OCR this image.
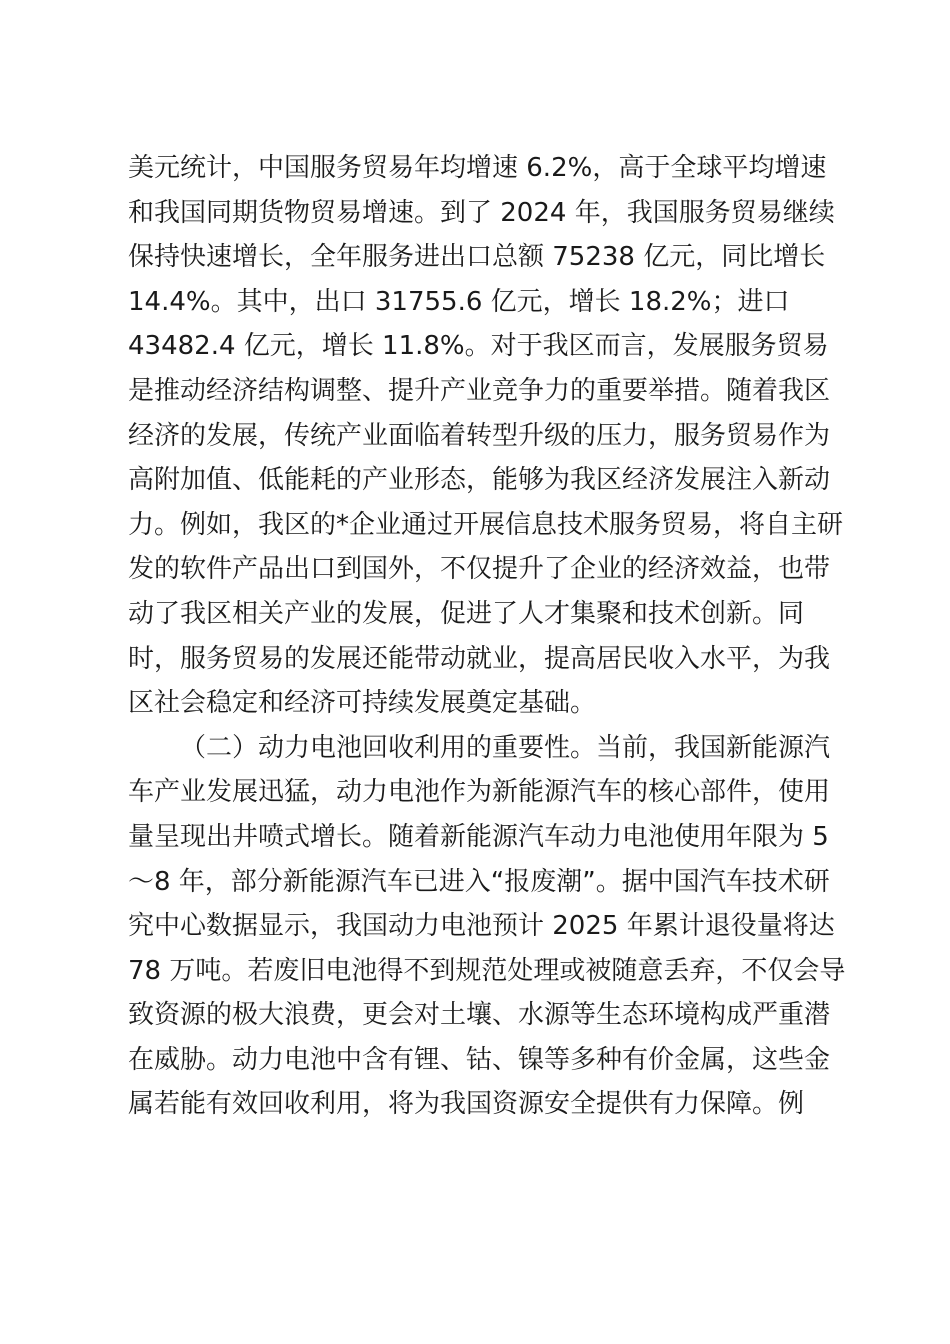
美元统计，中国服务贸易年均增速 6.2%，高于全球平均增速
和我国同期货物贸易增速。到了 2024 年，我国服务贸易继续
保持快速增长，全年服务进出口总额 75238 亿元，同比增长
14.4%。其中，出口 31755.6 亿元，增长 18.2%；进口
43482.4 亿元，增长 11.8%。对于我区而言，发展服务贸易
是推动经济结构调整、提升产业竞争力的重要举措。随着我区
经济的发展，传统产业面临着转型升级的压力，服务贸易作为
高附加值、低能耗的产业形态，能够为我区经济发展注入新动
力。例如，我区的*企业通过开展信息技术服务贸易，将自主研
发的软件产品出口到国外，不仅提升了企业的经济效益，也带
动了我区相关产业的发展，促进了人才集聚和技术创新。同
时，服务贸易的发展还能带动就业，提高居民收入水平，为我
区社会稳定和经济可持续发展奠定基础。

（二）动力电池回收利用的重要性。当前，我国新能源汽
车产业发展迅猛，动力电池作为新能源汽车的核心部件，使用
量呈现出井喷式增长。随着新能源汽车动力电池使用年限为 5
～8 年，部分新能源汽车已进入“报废潮”。据中国汽车技术研
究中心数据显示，我国动力电池预计 2025 年累计退役量将达
78 万吨。若废旧电池得不到规范处理或被随意丢弃，不仅会导
致资源的极大浪费，更会对土壤、水源等生态环境构成严重潜
在威胁。动力电池中含有锂、钴、镍等多种有价金属，这些金
属若能有效回收利用，将为我国资源安全提供有力保障。例
